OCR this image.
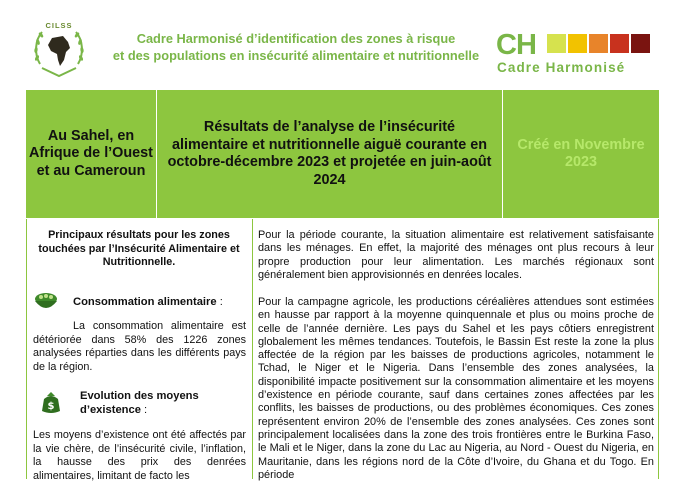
CILSS
Cadre Harmonisé d’identification des zones à risque
et des populations en insécurité alimentaire et nutritionnelle CH
Cadre Harmonisé
Au Sahel, en Afrique de l’Ouest et au Cameroun
Résultats de l’analyse de l’insécurité alimentaire et nutritionnelle aiguë courante en octobre-décembre 2023 et projetée en juin-août 2024
Créé en Novembre 2023
Principaux résultats pour les zones touchées par l’Insécurité Alimentaire et Nutritionnelle.
Consommation alimentaire :
La consommation alimentaire est détériorée dans 58% des 1226 zones analysées réparties dans les différents pays de la région.
$
Evolution des moyens d’existence :
Les moyens d’existence ont été affectés par la vie chère, de l’insécurité civile, l’inflation, la hausse des prix des denrées alimentaires, limitant de facto les
Pour la période courante, la situation alimentaire est relativement satisfaisante dans les ménages. En effet, la majorité des ménages ont plus recours à leur propre production pour leur alimentation. Les marchés régionaux sont généralement bien approvisionnés en denrées locales.
Pour la campagne agricole, les productions céréalières attendues sont estimées en hausse par rapport à la moyenne quinquennale et plus ou moins proche de celle de l’année dernière. Les pays du Sahel et les pays côtiers enregistrent globalement les mêmes tendances. Toutefois, le Bassin Est reste la zone la plus affectée de la région par les baisses de productions agricoles, notamment le Tchad, le Niger et le Nigeria. Dans l’ensemble des zones analysées, la disponibilité impacte positivement sur la consommation alimentaire et les moyens d’existence en période courante, sauf dans certaines zones affectées par les conflits, les baisses de productions, ou des problèmes économiques. Ces zones représentent environ 20% de l’ensemble des zones analysées. Ces zones sont principalement localisées dans la zone des trois frontières entre le Burkina Faso, le Mali et le Niger, dans la zone du Lac au Nigeria, au Nord - Ouest du Nigeria, en Mauritanie, dans les régions nord de la Côte d’Ivoire, du Ghana et du Togo. En période
